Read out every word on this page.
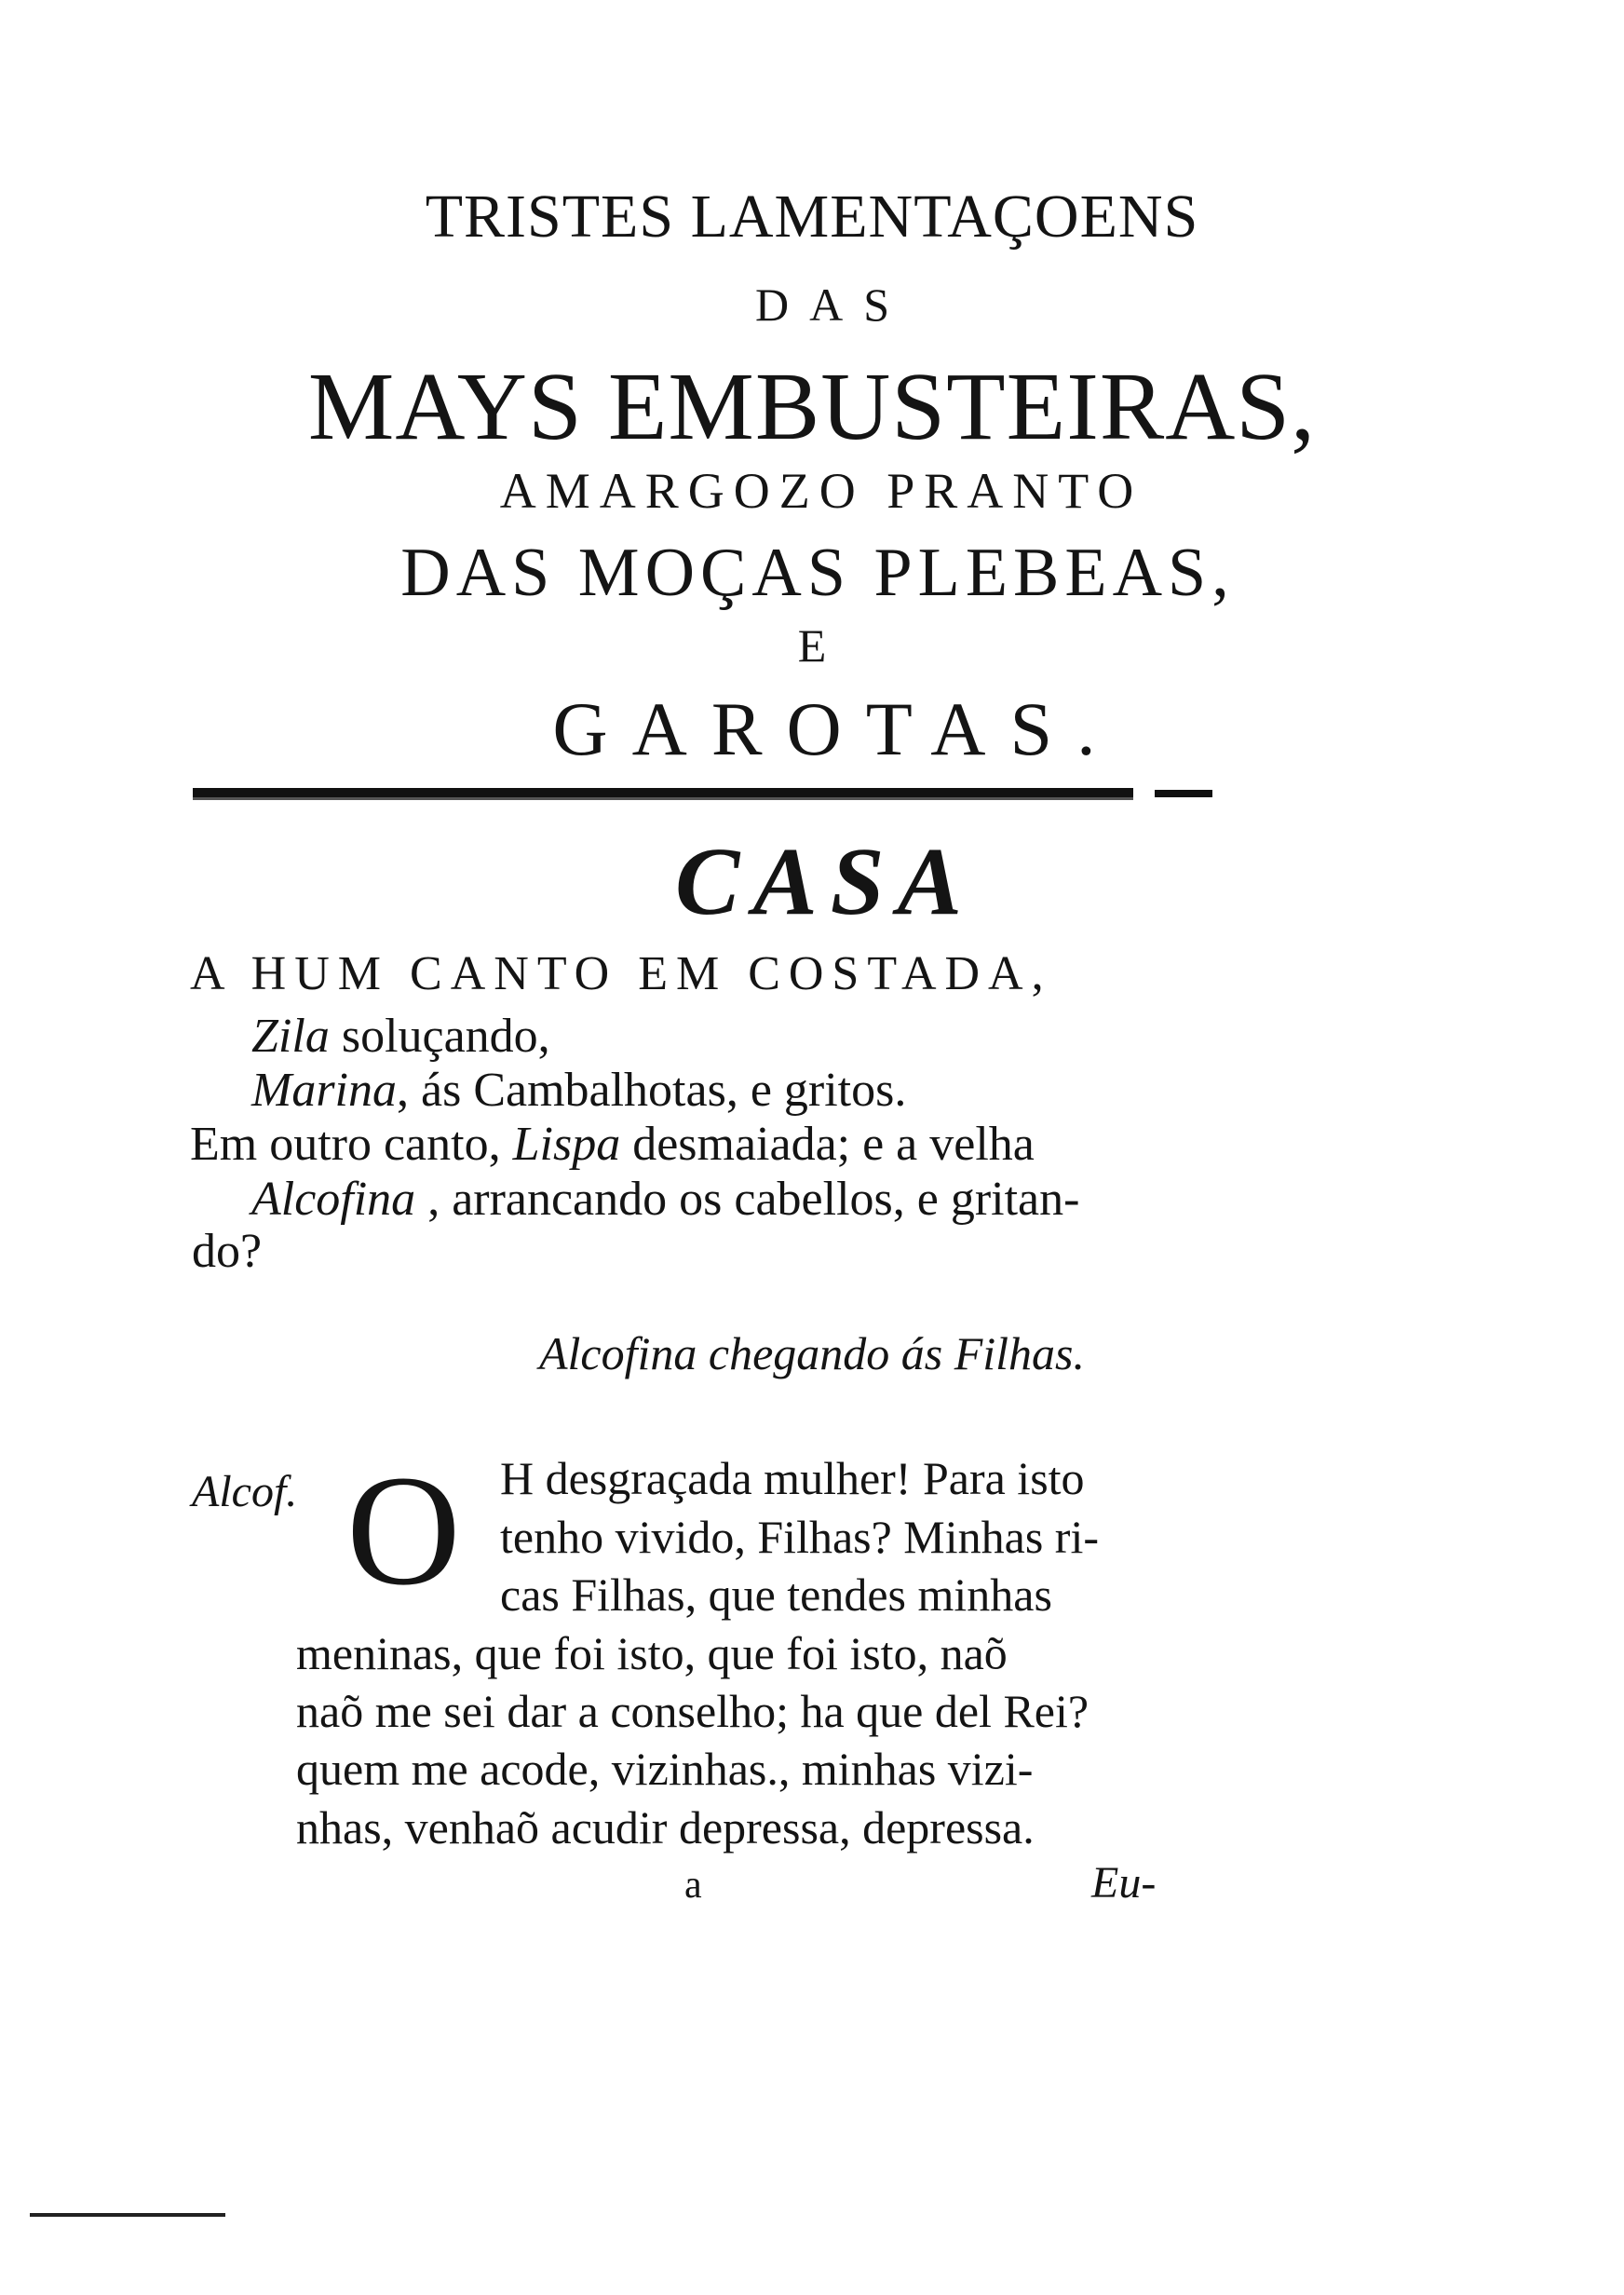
TRISTES LAMENTAÇOENS
DAS
MAYS EMBUSTEIRAS,
AMARGOZO PRANTO
DAS MOÇAS PLEBEAS,
E
GAROTAS.
CASA
A HUM CANTO EM COSTADA,
Zila soluçando,
Marina, ás Cambalhotas, e gritos.
Em outro canto, Lispa desmaiada; e a velha
Alcofina , arrancando os cabellos, e gritan-
do?
Alcofina chegando ás Filhas.
Alcof. O H desgraçada mulher! Para isto
tenho vivido, Filhas? Minhas ri-
cas Filhas, que tendes minhas
meninas, que foi isto, que foi isto, naõ
naõ me sei dar a conselho; ha que del Rei?
quem me acode, vizinhas., minhas vizi-
nhas, venhaõ acudir depressa, depressa.
a	Eu-
